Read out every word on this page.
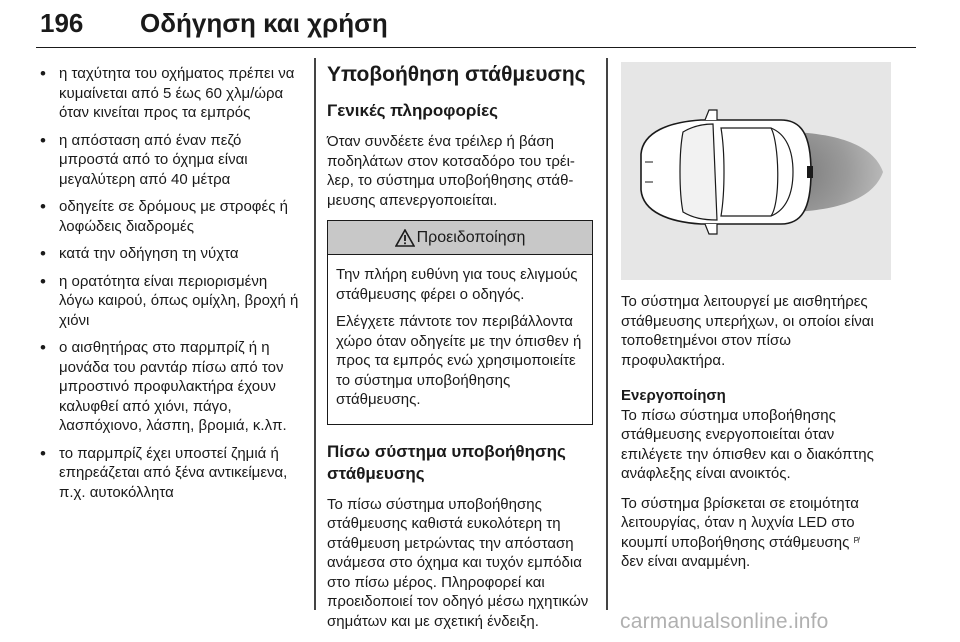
196 Οδήγηση και χρήση
• η ταχύτητα του οχήματος πρέπει να κυμαίνεται από 5 έως 60 χλμ/ώρα όταν κινείται προς τα εμπρός
• η απόσταση από έναν πεζό μπροστά από το όχημα είναι μεγαλύτερη από 40 μέτρα
• οδηγείτε σε δρόμους με στροφές ή λοφώδεις διαδρομές
• κατά την οδήγηση τη νύχτα
• η ορατότητα είναι περιορισμένη λόγω καιρού, όπως ομίχλη, βροχή ή χιόνι
• ο αισθητήρας στο παρμπρίζ ή η μονάδα του ραντάρ πίσω από τον μπροστινό προφυλακτήρα έχουν καλυφθεί από χιόνι, πάγο, λασπόχιονο, λάσπη, βρομιά, κ.λπ.
• το παρμπρίζ έχει υποστεί ζημιά ή επηρεάζεται από ξένα αντικείμενα, π.χ. αυτοκόλλητα
Υποβοήθηση στάθμευσης
Γενικές πληροφορίες
Όταν συνδέετε ένα τρέιλερ ή βάση ποδηλάτων στον κοτσαδόρο του τρέιλερ, το σύστημα υποβοήθησης στάθμευσης απενεργοποιείται.
Προειδοποίηση
Την πλήρη ευθύνη για τους ελιγμούς στάθμευσης φέρει ο οδηγός.
Ελέγχετε πάντοτε τον περιβάλλοντα χώρο όταν οδηγείτε με την όπισθεν ή προς τα εμπρός ενώ χρησιμοποιείτε το σύστημα υποβοήθησης στάθμευσης.
Πίσω σύστημα υποβοήθησης στάθμευσης
Το πίσω σύστημα υποβοήθησης στάθμευσης καθιστά ευκολότερη τη στάθμευση μετρώντας την απόσταση ανάμεσα στο όχημα και τυχόν εμπόδια στο πίσω μέρος. Πληροφορεί και προειδοποιεί τον οδηγό μέσω ηχητικών σημάτων και με σχετική ένδειξη.
Το σύστημα λειτουργεί με αισθητήρες στάθμευσης υπερήχων, οι οποίοι είναι τοποθετημένοι στον πίσω προφυλακτήρα.
Ενεργοποίηση
Το πίσω σύστημα υποβοήθησης στάθμευσης ενεργοποιείται όταν επιλέγετε την όπισθεν και ο διακόπτης ανάφλεξης είναι ανοικτός.
Το σύστημα βρίσκεται σε ετοιμότητα λειτουργίας, όταν η λυχνία LED στο κουμπί υποβοήθησης στάθμευσης P̸
δεν είναι αναμμένη.
carmanualsonline.info
